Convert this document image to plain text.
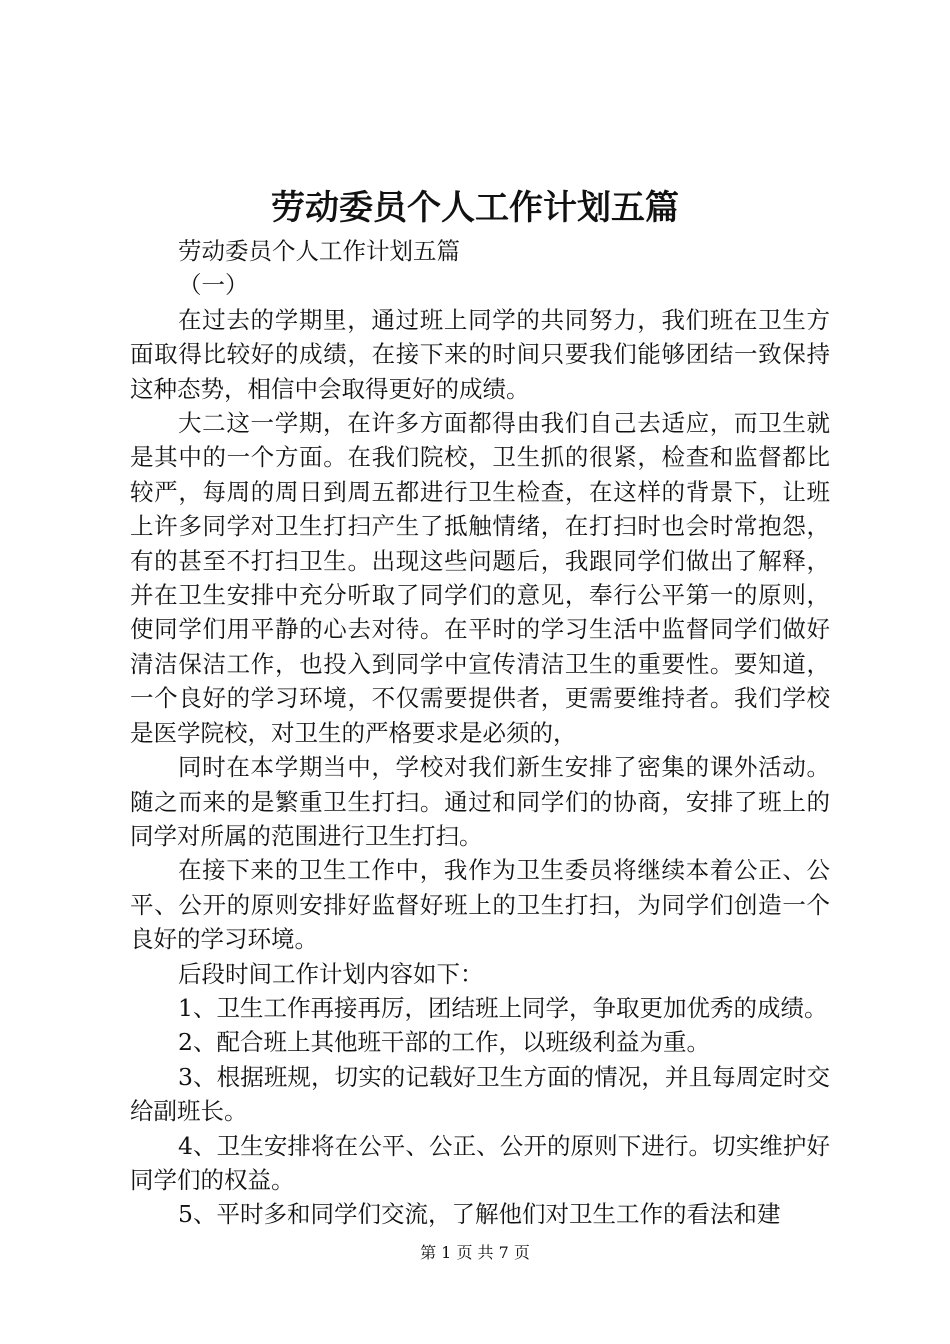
劳动委员个人工作计划五篇

劳动委员个人工作计划五篇

（一）

在过去的学期里，通过班上同学的共同努力，我们班在卫生方面取得比较好的成绩，在接下来的时间只要我们能够团结一致保持这种态势，相信中会取得更好的成绩。

大二这一学期，在许多方面都得由我们自己去适应，而卫生就是其中的一个方面。在我们院校，卫生抓的很紧，检查和监督都比较严，每周的周日到周五都进行卫生检查，在这样的背景下，让班上许多同学对卫生打扫产生了抵触情绪，在打扫时也会时常抱怨，有的甚至不打扫卫生。出现这些问题后，我跟同学们做出了解释，并在卫生安排中充分听取了同学们的意见，奉行公平第一的原则，使同学们用平静的心去对待。在平时的学习生活中监督同学们做好清洁保洁工作，也投入到同学中宣传清洁卫生的重要性。要知道，一个良好的学习环境，不仅需要提供者，更需要维持者。我们学校是医学院校，对卫生的严格要求是必须的，

同时在本学期当中，学校对我们新生安排了密集的课外活动。随之而来的是繁重卫生打扫。通过和同学们的协商，安排了班上的同学对所属的范围进行卫生打扫。

在接下来的卫生工作中，我作为卫生委员将继续本着公正、公平、公开的原则安排好监督好班上的卫生打扫，为同学们创造一个良好的学习环境。

后段时间工作计划内容如下：

1、卫生工作再接再厉，团结班上同学，争取更加优秀的成绩。

2、配合班上其他班干部的工作，以班级利益为重。

3、根据班规，切实的记载好卫生方面的情况，并且每周定时交给副班长。

4、卫生安排将在公平、公正、公开的原则下进行。切实维护好同学们的权益。

5、平时多和同学们交流，了解他们对卫生工作的看法和建

第 1 页 共 7 页
